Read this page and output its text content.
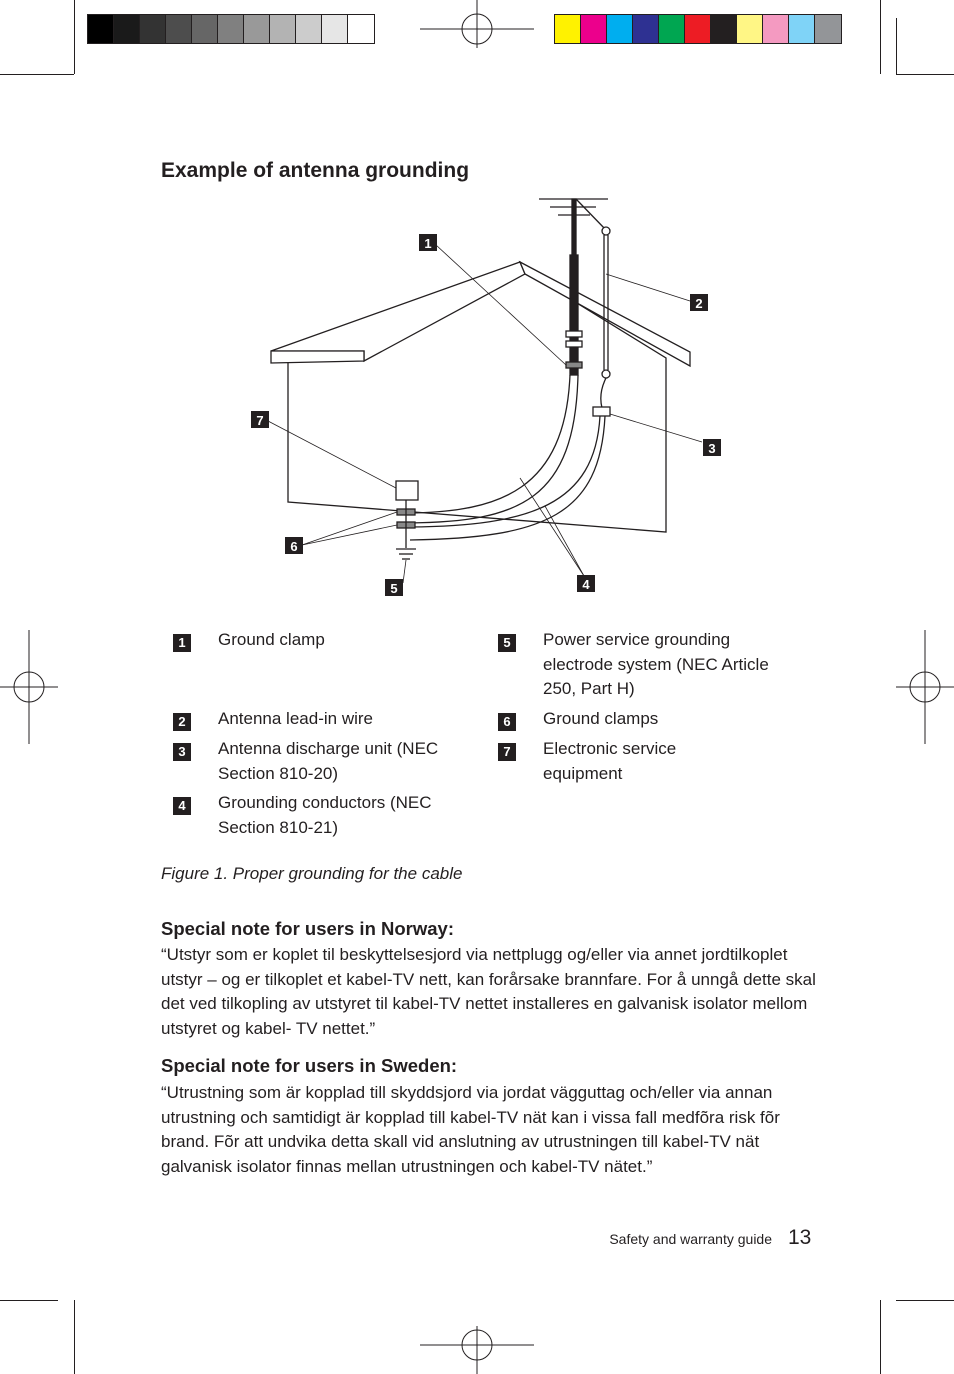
Example of antenna grounding
1
2
3
4
5
6
7
1	Ground clamp
2	Antenna lead-in wire
3	Antenna discharge unit (NEC Section 810-20)
4	Grounding conductors (NEC Section 810-21)
5	Power service grounding electrode system (NEC Article 250, Part H)
6	Ground clamps
7	Electronic service equipment
Figure 1. Proper grounding for the cable
Special note for users in Norway:

“Utstyr som er koplet til beskyttelsesjord via nettplugg og/eller via annet jordtilkoplet utstyr – og er tilkoplet et kabel-TV nett, kan forårsake brannfare. For å unngå dette skal det ved tilkopling av utstyret til kabel-TV nettet installeres en galvanisk isolator mellom utstyret og kabel- TV nettet.”

Special note for users in Sweden:

“Utrustning som är kopplad till skyddsjord via jordat vägguttag och/eller via annan utrustning och samtidigt är kopplad till kabel-TV nät kan i vissa fall medfõra risk fõr brand. Fõr att undvika detta skall vid anslutning av utrustningen till kabel-TV nät galvanisk isolator finnas mellan utrustningen och kabel-TV nätet.”

Safety and warranty guide 13
